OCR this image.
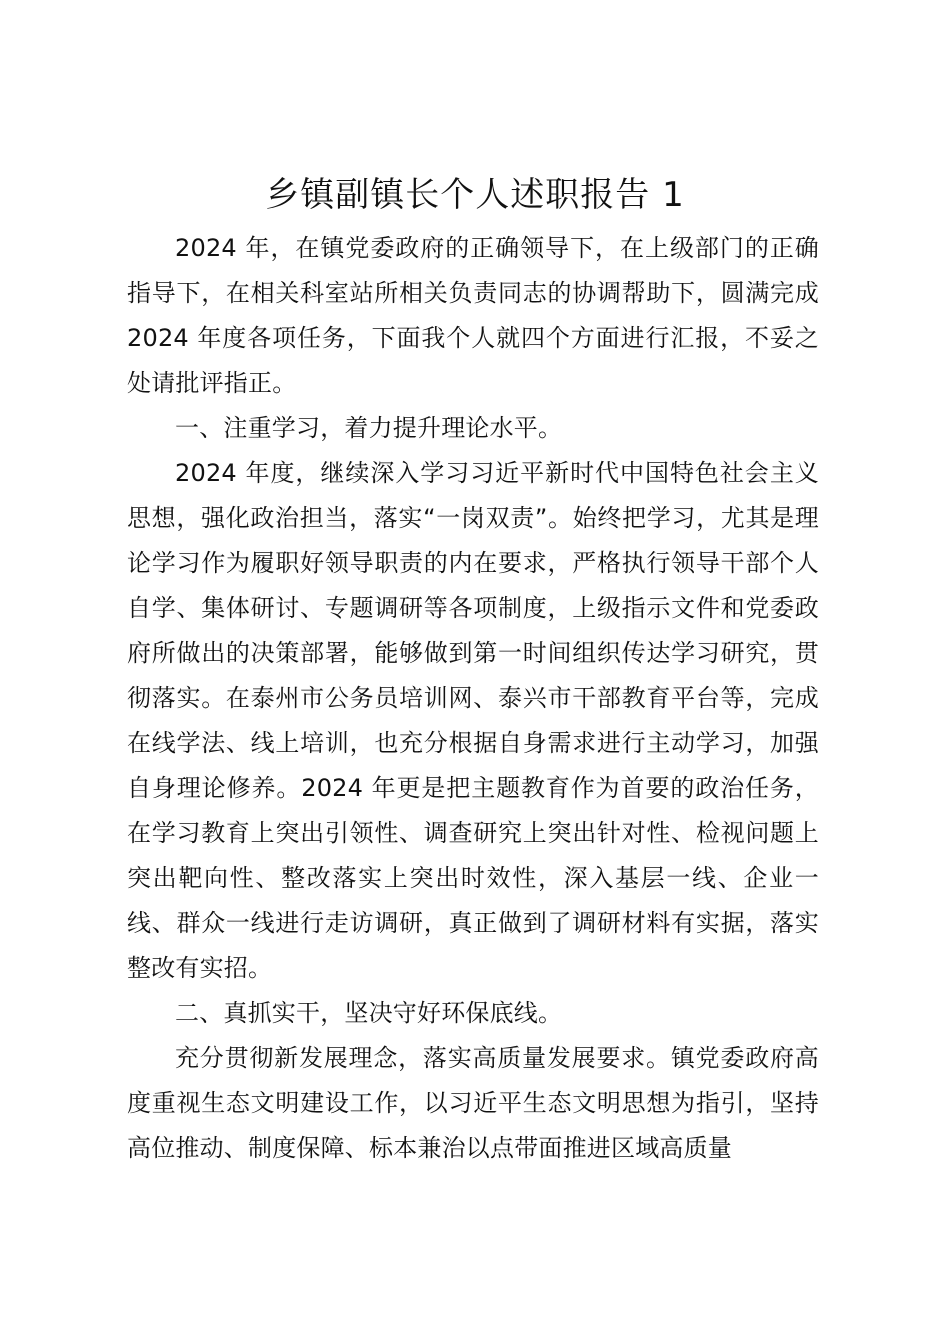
乡镇副镇长个人述职报告 1

2024 年，在镇党委政府的正确领导下，在上级部门的正确指导下，在相关科室站所相关负责同志的协调帮助下，圆满完成 2024 年度各项任务，下面我个人就四个方面进行汇报，不妥之处请批评指正。

一、注重学习，着力提升理论水平。

2024 年度，继续深入学习习近平新时代中国特色社会主义思想，强化政治担当，落实“一岗双责”。始终把学习，尤其是理论学习作为履职好领导职责的内在要求，严格执行领导干部个人自学、集体研讨、专题调研等各项制度，上级指示文件和党委政府所做出的决策部署，能够做到第一时间组织传达学习研究，贯彻落实。在泰州市公务员培训网、泰兴市干部教育平台等，完成在线学法、线上培训，也充分根据自身需求进行主动学习，加强自身理论修养。2024 年更是把主题教育作为首要的政治任务，在学习教育上突出引领性、调查研究上突出针对性、检视问题上突出靶向性、整改落实上突出时效性，深入基层一线、企业一线、群众一线进行走访调研，真正做到了调研材料有实据，落实整改有实招。

二、真抓实干，坚决守好环保底线。

充分贯彻新发展理念，落实高质量发展要求。镇党委政府高度重视生态文明建设工作，以习近平生态文明思想为指引，坚持高位推动、制度保障、标本兼治以点带面推进区域高质量
